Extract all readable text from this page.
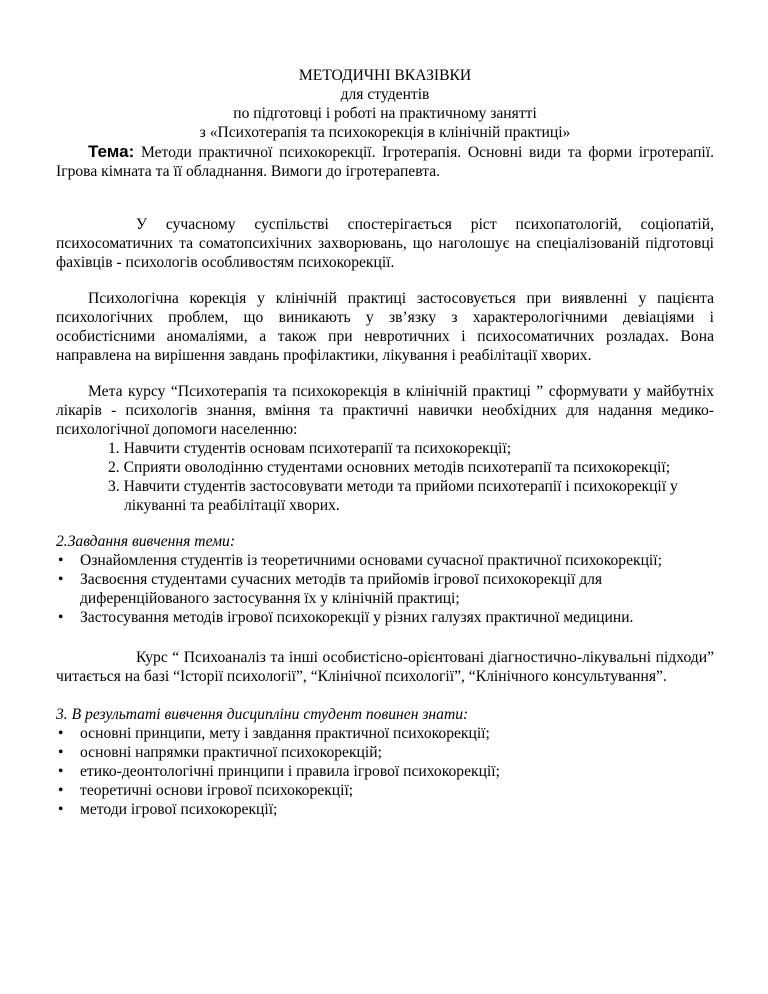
МЕТОДИЧНІ ВКАЗІВКИ
для студентів
по підготовці і роботі на практичному занятті
з «Психотерапія та психокорекція в клінічній практиці»

Тема: Методи практичної психокорекції. Ігротерапія. Основні види та форми ігротерапії. Ігрова кімната та її обладнання. Вимоги до ігротерапевта.

У сучасному суспільстві спостерігається ріст психопатологій, соціопатій, психосоматичних та соматопсихічних захворювань, що наголошує на спеціалізованій підготовці фахівців - психологів особливостям психокорекції.

Психологічна корекція у клінічній практиці застосовується при виявленні у пацієнта психологічних проблем, що виникають у зв’язку з характерологічними девіаціями і особистісними аномаліями, а також при невротичних і психосоматичних розладах. Вона направлена на вирішення завдань профілактики, лікування і реабілітації хворих.

Мета курсу “Психотерапія та психокорекція в клінічній практиці ” сформувати у майбутніх лікарів - психологів знання, вміння та практичні навички необхідних для надання медико-психологічної допомоги населенню:

1. Навчити студентів основам психотерапії та психокорекції;
2. Сприяти оволодінню студентами основних методів психотерапії та психокорекції;
3. Навчити студентів застосовувати методи та прийоми психотерапії і психокорекції у лікуванні та реабілітації хворих.

2.Завдання вивчення теми:

• Ознайомлення студентів із теоретичними основами сучасної практичної психокорекції;
• Засвоєння студентами сучасних методів та прийомів ігрової психокорекції для диференційованого застосування їх у клінічній практиці;
• Застосування методів ігрової психокорекції у різних галузях практичної медицини.

Курс “ Психоаналіз та інші особистісно-орієнтовані діагностично-лікувальні підходи” читається на базі “Історії психології”, “Клінічної психології”, “Клінічного консультування”.

3. В результаті вивчення дисципліни студент повинен знати:

• основні принципи, мету і завдання практичної психокорекції;
• основні напрямки практичної психокорекцій;
• етико-деонтологічні принципи і правила ігрової психокорекції;
• теоретичні основи ігрової психокорекції;
• методи ігрової психокорекції;
